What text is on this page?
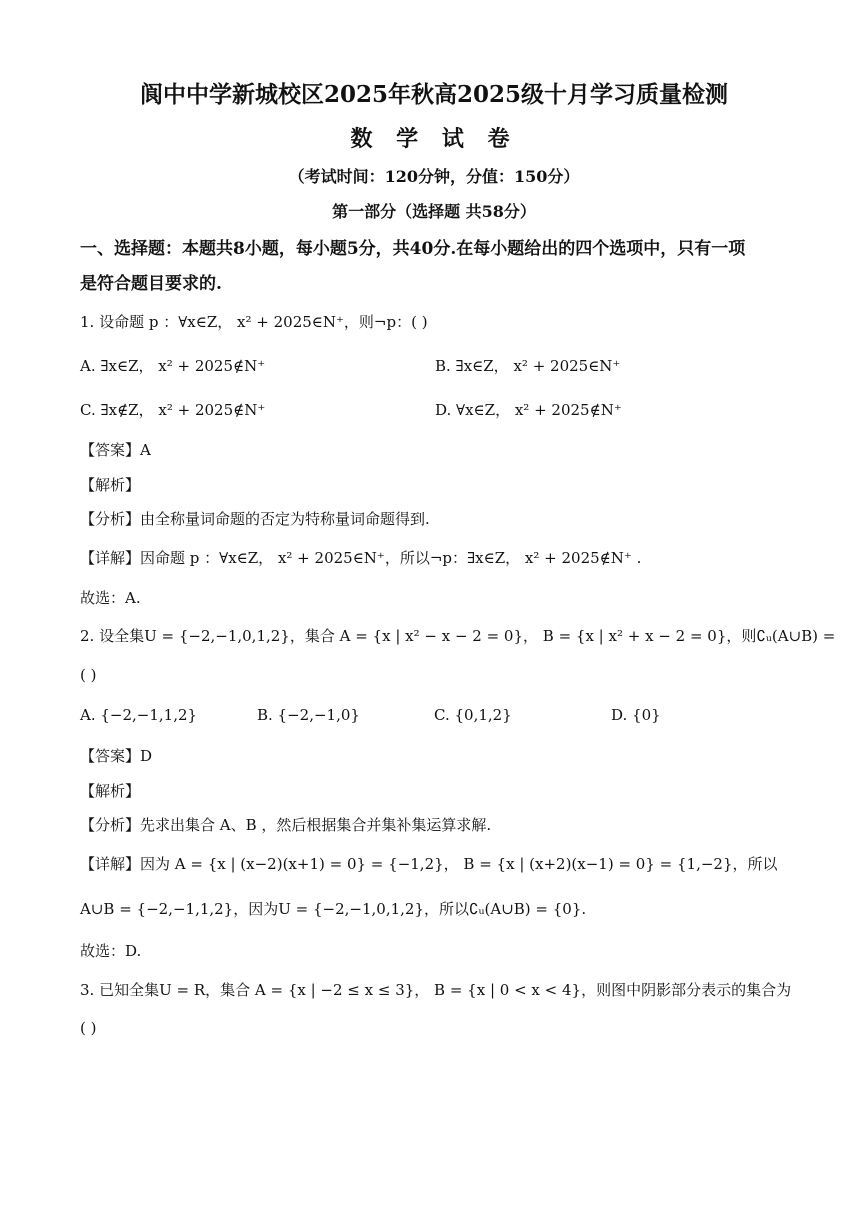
阆中中学新城校区2025年秋高2025级十月学习质量检测
数 学 试 卷
（考试时间：120分钟，分值：150分）
第一部分（选择题 共58分）
一、选择题：本题共8小题，每小题5分，共40分.在每小题给出的四个选项中，只有一项
是符合题目要求的.
1. 设命题 p ：∀x∈Z， x² + 2025∈N⁺，则¬p：( )
A. ∃x∈Z， x² + 2025∉N⁺	B. ∃x∈Z， x² + 2025∈N⁺
C. ∃x∉Z， x² + 2025∉N⁺	D. ∀x∈Z， x² + 2025∉N⁺
【答案】A
【解析】
【分析】由全称量词命题的否定为特称量词命题得到.
【详解】因命题 p ：∀x∈Z， x² + 2025∈N⁺，所以¬p：∃x∈Z， x² + 2025∉N⁺ .
故选：A.
2. 设全集U = {−2,−1,0,1,2}，集合 A = {x | x² − x − 2 = 0}， B = {x | x² + x − 2 = 0}，则∁ᵤ(A∪B) =
( )
A. {−2,−1,1,2}	B. {−2,−1,0}	C. {0,1,2}	D. {0}
【答案】D
【解析】
【分析】先求出集合 A、B ，然后根据集合并集补集运算求解.
【详解】因为 A = {x | (x−2)(x+1) = 0} = {−1,2}， B = {x | (x+2)(x−1) = 0} = {1,−2}，所以
A∪B = {−2,−1,1,2}，因为U = {−2,−1,0,1,2}，所以∁ᵤ(A∪B) = {0}.
故选：D.
3. 已知全集U = R，集合 A = {x | −2 ≤ x ≤ 3}， B = {x | 0 < x < 4}，则图中阴影部分表示的集合为
( )
